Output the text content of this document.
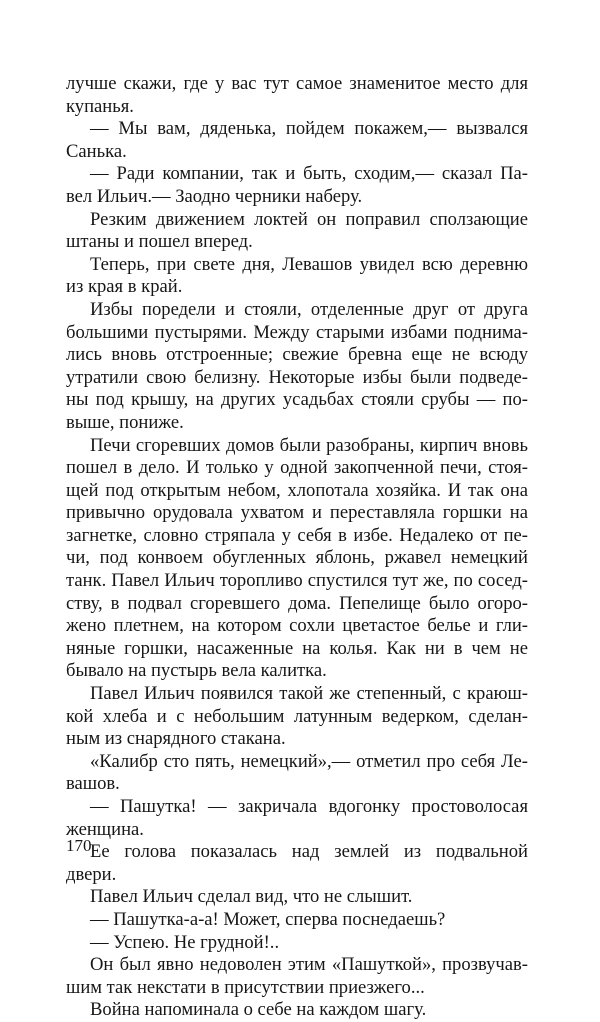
лучше скажи, где у вас тут самое знаменитое место для
купанья.
— Мы вам, дяденька, пойдем покажем,— вызвался
Санька.
— Ради компании, так и быть, сходим,— сказал Па-
вел Ильич.— Заодно черники наберу.
Резким движением локтей он поправил сползающие
штаны и пошел вперед.
Теперь, при свете дня, Левашов увидел всю деревню
из края в край.
Избы поредели и стояли, отделенные друг от друга
большими пустырями. Между старыми избами поднима-
лись вновь отстроенные; свежие бревна еще не всюду
утратили свою белизну. Некоторые избы были подведе-
ны под крышу, на других усадьбах стояли срубы — по-
выше, пониже.
Печи сгоревших домов были разобраны, кирпич вновь
пошел в дело. И только у одной закопченной печи, стоя-
щей под открытым небом, хлопотала хозяйка. И так она
привычно орудовала ухватом и переставляла горшки на
загнетке, словно стряпала у себя в избе. Недалеко от пе-
чи, под конвоем обугленных яблонь, ржавел немецкий
танк. Павел Ильич торопливо спустился тут же, по сосед-
ству, в подвал сгоревшего дома. Пепелище было огоро-
жено плетнем, на котором сохли цветастое белье и гли-
няные горшки, насаженные на колья. Как ни в чем не
бывало на пустырь вела калитка.
Павел Ильич появился такой же степенный, с краюш-
кой хлеба и с небольшим латунным ведерком, сделан-
ным из снарядного стакана.
«Калибр сто пять, немецкий»,— отметил про себя Ле-
вашов.
— Пашутка! — закричала вдогонку простоволосая
женщина.
Ее голова показалась над землей из подвальной
двери.
Павел Ильич сделал вид, что не слышит.
— Пашутка-а-а! Может, сперва поснедаешь?
— Успею. Не грудной!..
Он был явно недоволен этим «Пашуткой», прозвучав-
шим так некстати в присутствии приезжего...
Война напоминала о себе на каждом шагу.
170
